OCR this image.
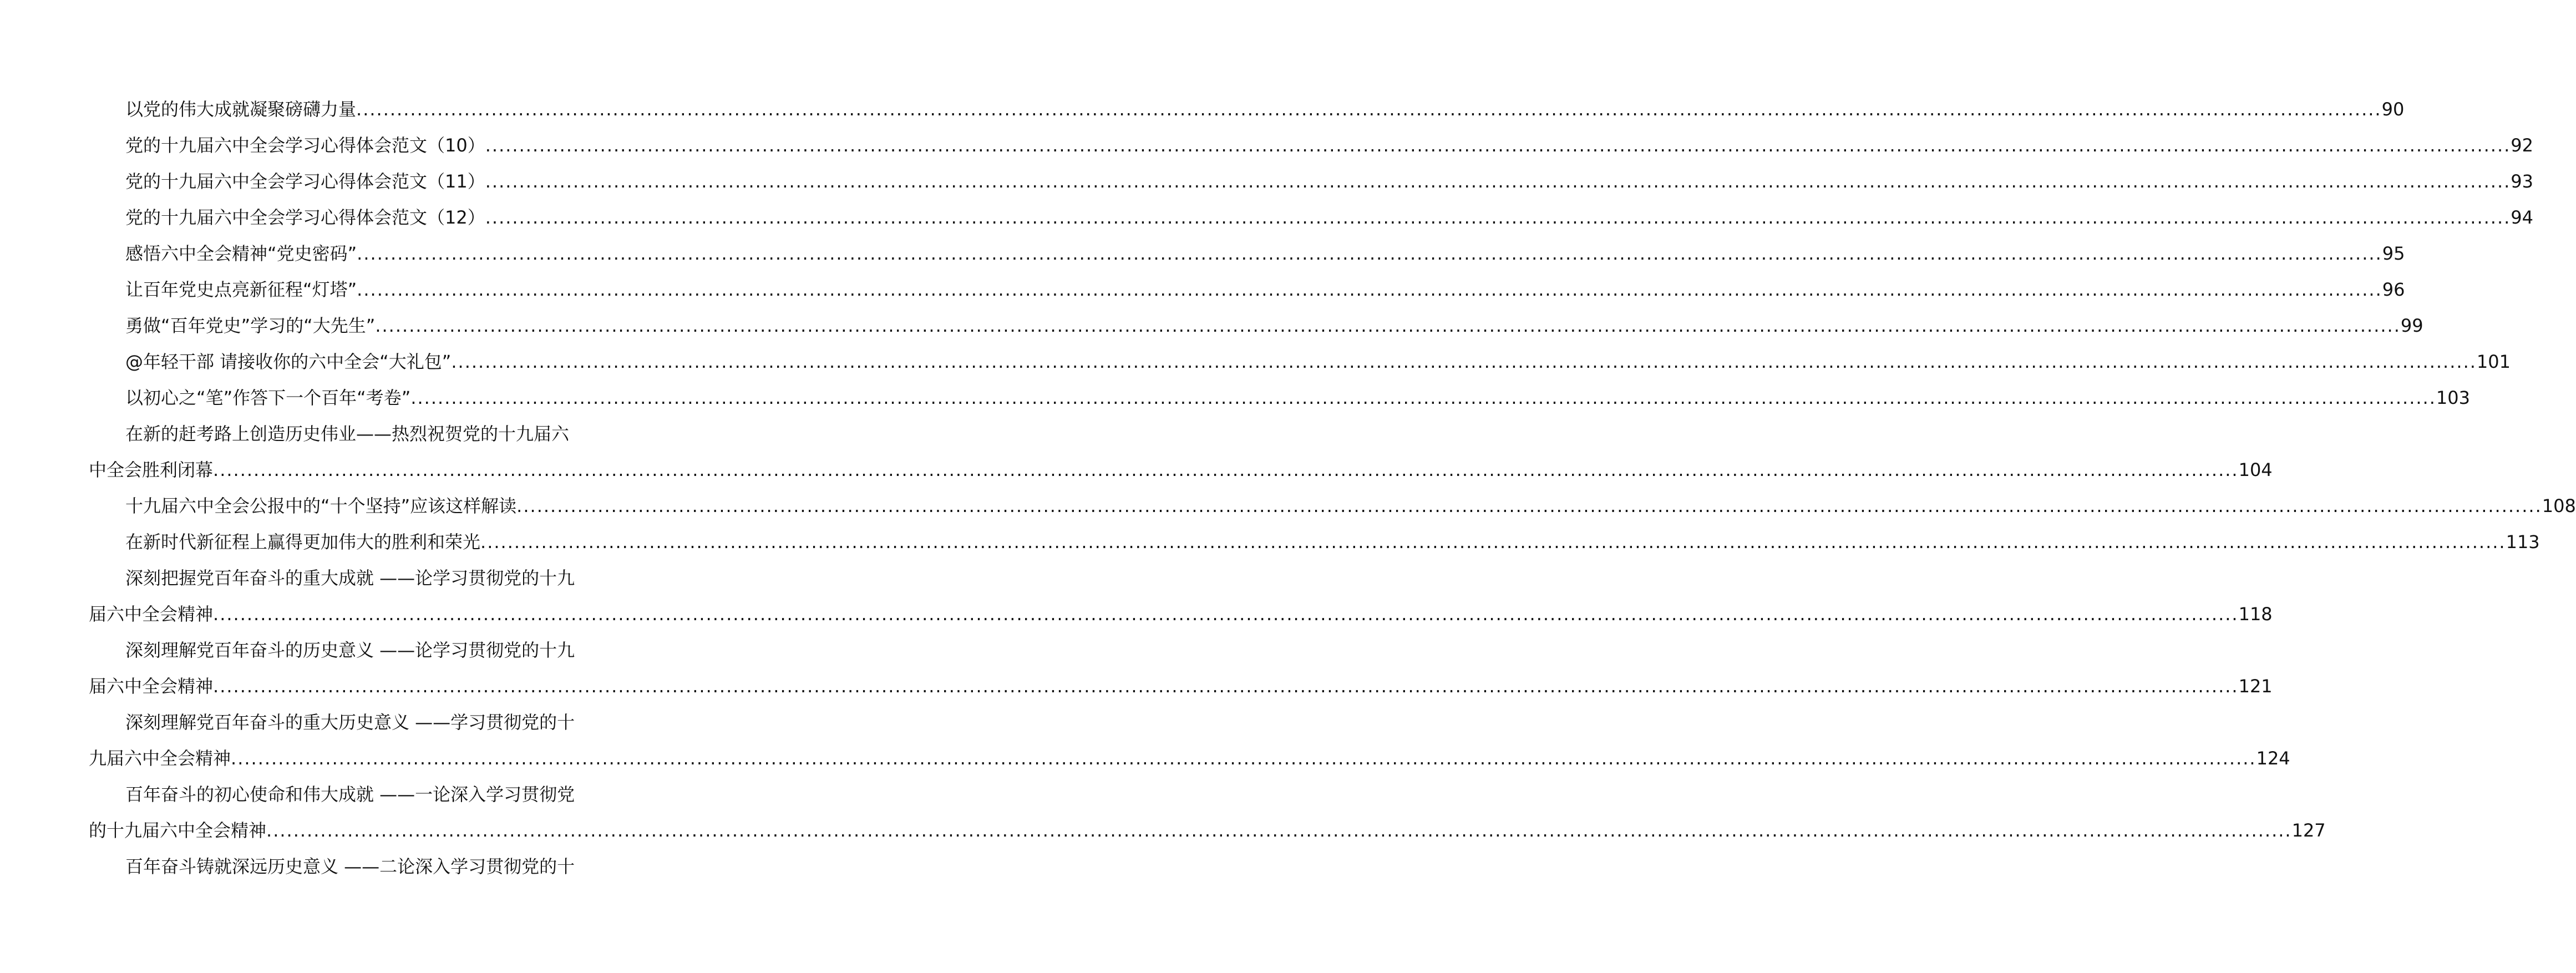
以党的伟大成就凝聚磅礴力量 ............................................................................................................................................................................................................................................................................................................ 90
党的十九届六中全会学习心得体会范文（10） ............................................................................................................................................................................................................................................................................................................ 92
党的十九届六中全会学习心得体会范文（11） ............................................................................................................................................................................................................................................................................................................ 93
党的十九届六中全会学习心得体会范文（12） ............................................................................................................................................................................................................................................................................................................ 94
感悟六中全会精神“党史密码” ............................................................................................................................................................................................................................................................................................................ 95
让百年党史点亮新征程“灯塔” ............................................................................................................................................................................................................................................................................................................ 96
勇做“百年党史”学习的“大先生” ............................................................................................................................................................................................................................................................................................................ 99
@年轻干部 请接收你的六中全会“大礼包” ............................................................................................................................................................................................................................................................................................................ 101
以初心之“笔”作答下一个百年“考卷” ............................................................................................................................................................................................................................................................................................................ 103
在新的赶考路上创造历史伟业——热烈祝贺党的十九届六
中全会胜利闭幕 ............................................................................................................................................................................................................................................................................................................ 104
十九届六中全会公报中的“十个坚持”应该这样解读 ............................................................................................................................................................................................................................................................................................................ 108
在新时代新征程上赢得更加伟大的胜利和荣光 ............................................................................................................................................................................................................................................................................................................ 113
深刻把握党百年奋斗的重大成就 ——论学习贯彻党的十九
届六中全会精神 ............................................................................................................................................................................................................................................................................................................ 118
深刻理解党百年奋斗的历史意义 ——论学习贯彻党的十九
届六中全会精神 ............................................................................................................................................................................................................................................................................................................ 121
深刻理解党百年奋斗的重大历史意义 ——学习贯彻党的十
九届六中全会精神 ............................................................................................................................................................................................................................................................................................................ 124
百年奋斗的初心使命和伟大成就 ——一论深入学习贯彻党
的十九届六中全会精神 ............................................................................................................................................................................................................................................................................................................ 127
百年奋斗铸就深远历史意义 ——二论深入学习贯彻党的十
